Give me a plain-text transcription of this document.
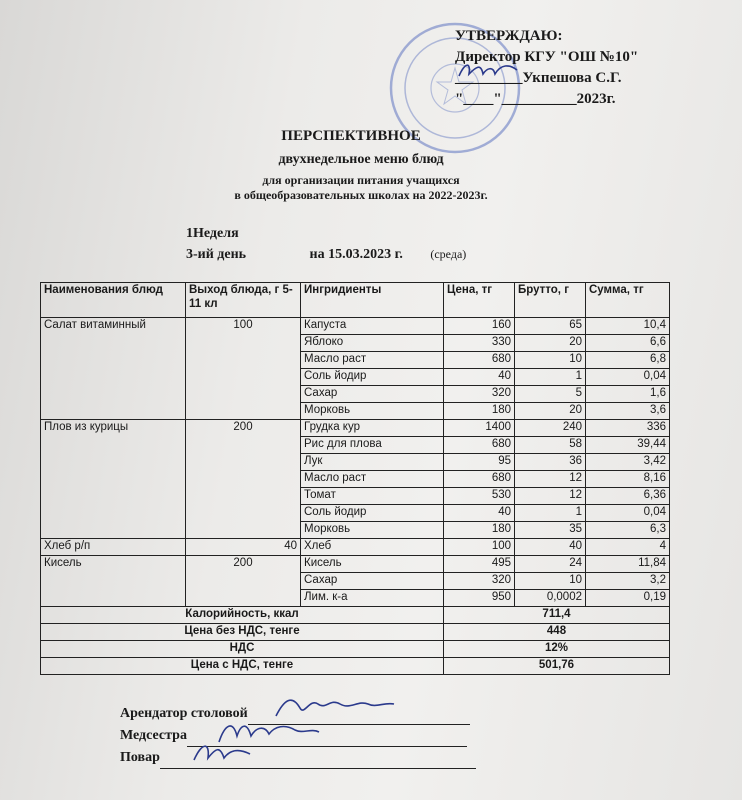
УТВЕРЖДАЮ:
Директор КГУ "ОШ №10"
_________Укпешова С.Г.
"____"__________2023г.
ПЕРСПЕКТИВНОЕ
двухнедельное меню блюд
для организации питания учащихся
в общеобразовательных школах на 2022-2023г.
1Неделя
3-ий день	на 15.03.2023 г. (среда)
Наименования блюд	Выход блюда, г 5-11 кл	Ингридиенты	Цена, тг	Брутто, г	Сумма, тг
Салат витаминный	100	Капуста	160	65	10,4
		Яблоко	330	20	6,6
		Масло раст	680	10	6,8
		Соль йодир	40	1	0,04
		Сахар	320	5	1,6
		Морковь	180	20	3,6
Плов из курицы	200	Грудка кур	1400	240	336
		Рис для плова	680	58	39,44
		Лук	95	36	3,42
		Масло раст	680	12	8,16
		Томат	530	12	6,36
		Соль йодир	40	1	0,04
		Морковь	180	35	6,3
Хлеб р/п	40	Хлеб	100	40	4
Кисель	200	Кисель	495	24	11,84
		Сахар	320	10	3,2
		Лим. к-а	950	0,0002	0,19
Калорийность, ккал			711,4		
Цена без НДС, тенге			448		
НДС			12%		
Цена с НДС, тенге			501,76		
Арендатор столовой
Медсестра
Повар
